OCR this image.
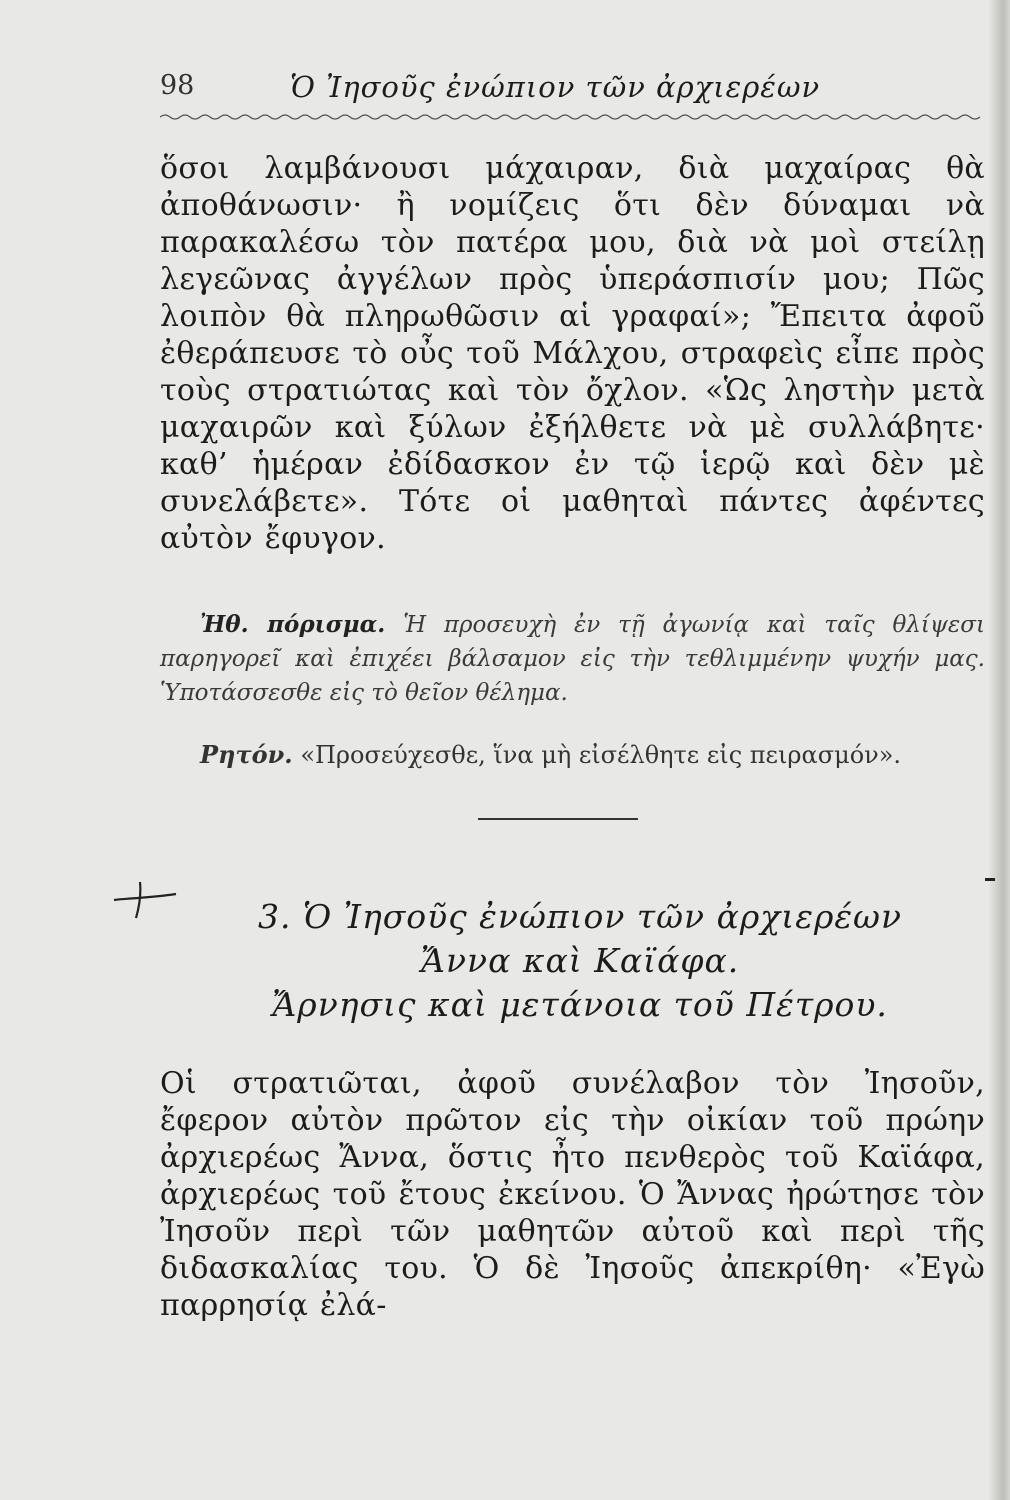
98	Ὁ Ἰησοῦς ἐνώπιον τῶν ἀρχιερέων

ὅσοι λαμβάνουσι μάχαιραν, διὰ μαχαίρας θὰ ἀποθάνωσιν· ἢ νομίζεις ὅτι δὲν δύναμαι νὰ παρακαλέσω τὸν πατέρα μου, διὰ νὰ μοὶ στείλῃ λεγεῶνας ἀγγέλων πρὸς ὑπεράσπισίν μου; Πῶς λοιπὸν θὰ πληρωθῶσιν αἱ γραφαί»; Ἔπειτα ἀφοῦ ἐθεράπευσε τὸ οὖς τοῦ Μάλχου, στραφεὶς εἶπε πρὸς τοὺς στρατιώτας καὶ τὸν ὄχλον. «Ὡς ληστὴν μετὰ μαχαιρῶν καὶ ξύλων ἐξήλθετε νὰ μὲ συλλάβητε· καθ’ ἡμέραν ἐδίδασκον ἐν τῷ ἱερῷ καὶ δὲν μὲ συνελάβετε». Τότε οἱ μαθηταὶ πάντες ἀφέντες αὐτὸν ἔφυγον.

Ἠθ. πόρισμα. Ἡ προσευχὴ ἐν τῇ ἀγωνίᾳ καὶ ταῖς θλίψεσι παρηγορεῖ καὶ ἐπιχέει βάλσαμον εἰς τὴν τεθλιμμένην ψυχήν μας. Ὑποτάσσεσθε εἰς τὸ θεῖον θέλημα.

Ρητόν. «Προσεύχεσθε, ἵνα μὴ εἰσέλθητε εἰς πειρασμόν».
3. Ὁ Ἰησοῦς ἐνώπιον τῶν ἀρχιερέων
Ἄννα καὶ Καϊάφα.
Ἄρνησις καὶ μετάνοια τοῦ Πέτρου.

Οἱ στρατιῶται, ἀφοῦ συνέλαβον τὸν Ἰησοῦν, ἔφερον αὐτὸν πρῶτον εἰς τὴν οἰκίαν τοῦ πρώην ἀρχιερέως Ἄννα, ὅστις ἦτο πενθερὸς τοῦ Καϊάφα, ἀρχιερέως τοῦ ἔτους ἐκείνου. Ὁ Ἄννας ἠρώτησε τὸν Ἰησοῦν περὶ τῶν μαθητῶν αὐτοῦ καὶ περὶ τῆς διδασκαλίας του. Ὁ δὲ Ἰησοῦς ἀπεκρίθη· «Ἐγὼ παρρησίᾳ ἐλά-
